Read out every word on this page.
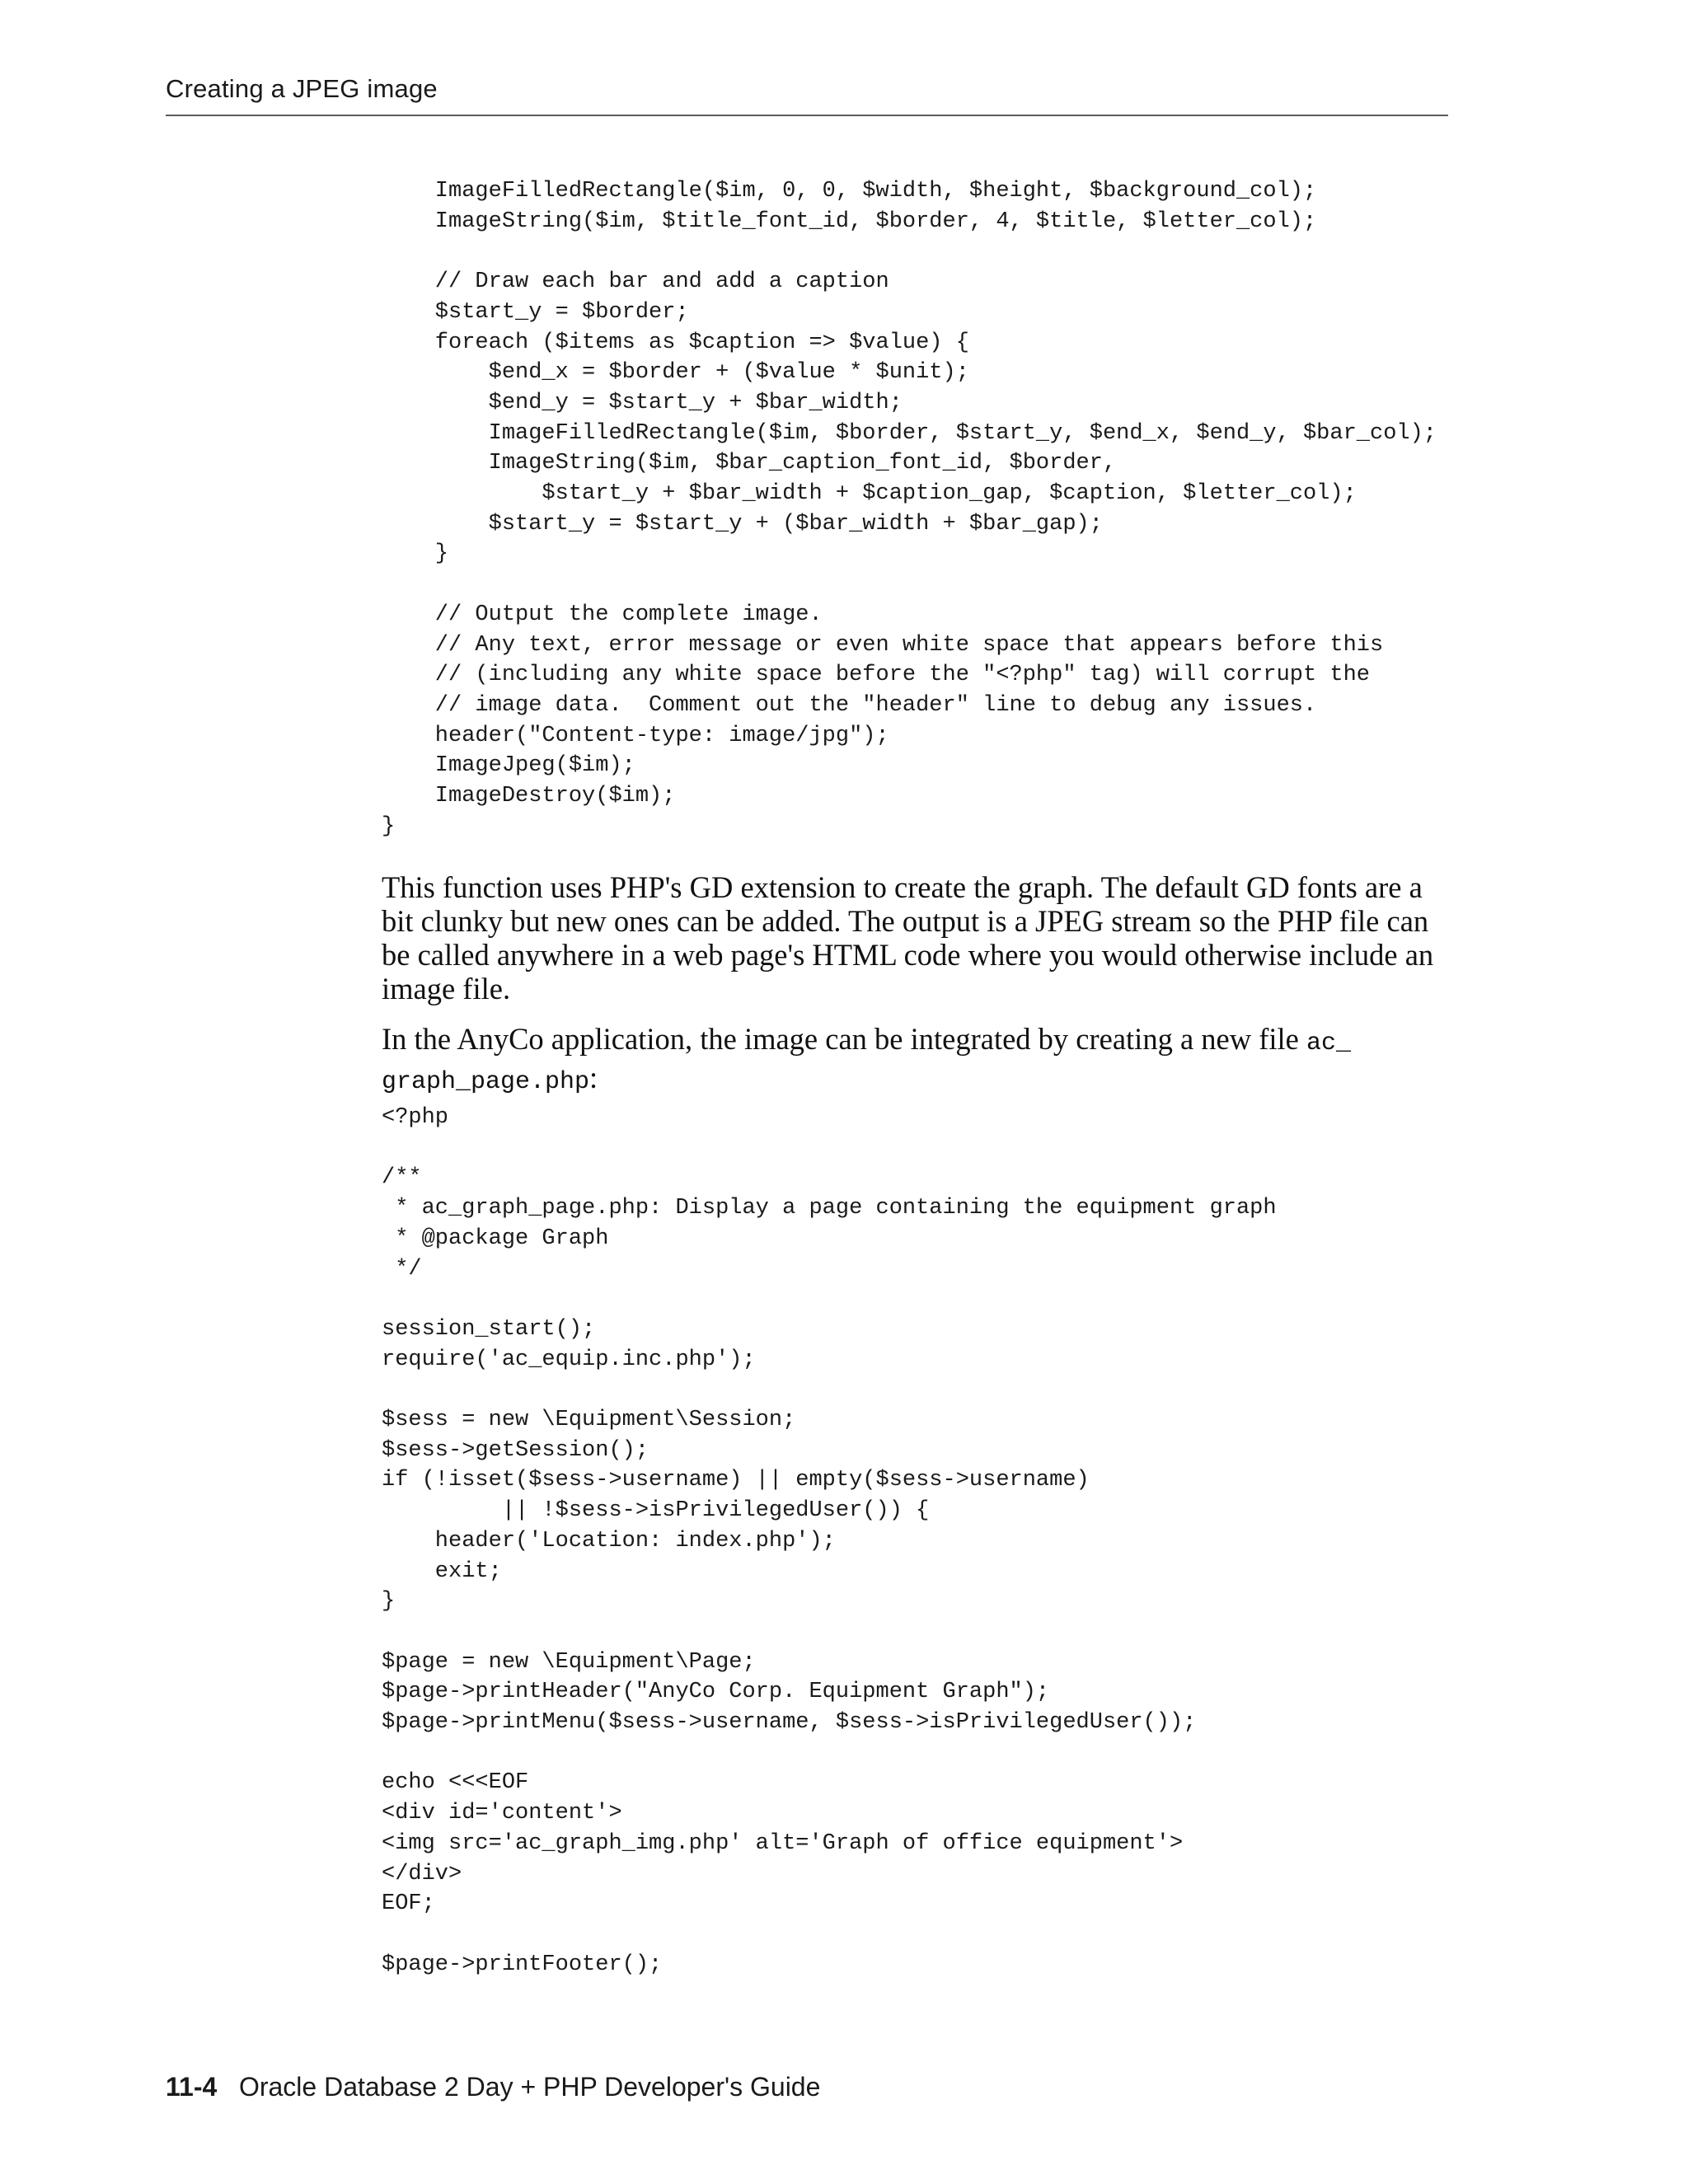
Creating a JPEG image
ImageFilledRectangle($im, 0, 0, $width, $height, $background_col);
ImageString($im, $title_font_id, $border, 4, $title, $letter_col);

// Draw each bar and add a caption
$start_y = $border;
foreach ($items as $caption => $value) {
$end_x = $border + ($value * $unit);
$end_y = $start_y + $bar_width;
ImageFilledRectangle($im, $border, $start_y, $end_x, $end_y, $bar_col);
ImageString($im, $bar_caption_font_id, $border,
$start_y + $bar_width + $caption_gap, $caption, $letter_col);
$start_y = $start_y + ($bar_width + $bar_gap);
}

// Output the complete image.
// Any text, error message or even white space that appears before this
// (including any white space before the "<?php" tag) will corrupt the
// image data.  Comment out the "header" line to debug any issues.
header("Content-type: image/jpg");
ImageJpeg($im);
ImageDestroy($im);
}

This function uses PHP's GD extension to create the graph. The default GD fonts are a bit clunky but new ones can be added. The output is a JPEG stream so the PHP file can be called anywhere in a web page's HTML code where you would otherwise include an image file.

In the AnyCo application, the image can be integrated by creating a new file ac_
graph_page.php:

<?php

/**
* ac_graph_page.php: Display a page containing the equipment graph
* @package Graph
*/

session_start();
require('ac_equip.inc.php');

$sess = new \Equipment\Session;
$sess->getSession();
if (!isset($sess->username) || empty($sess->username)
|| !$sess->isPrivilegedUser()) {
header('Location: index.php');
exit;
}

$page = new \Equipment\Page;
$page->printHeader("AnyCo Corp. Equipment Graph");
$page->printMenu($sess->username, $sess->isPrivilegedUser());

echo <<<EOF
<div id='content'>
<img src='ac_graph_img.php' alt='Graph of office equipment'>
</div>
EOF;

$page->printFooter();
11-4 Oracle Database 2 Day + PHP Developer's Guide
